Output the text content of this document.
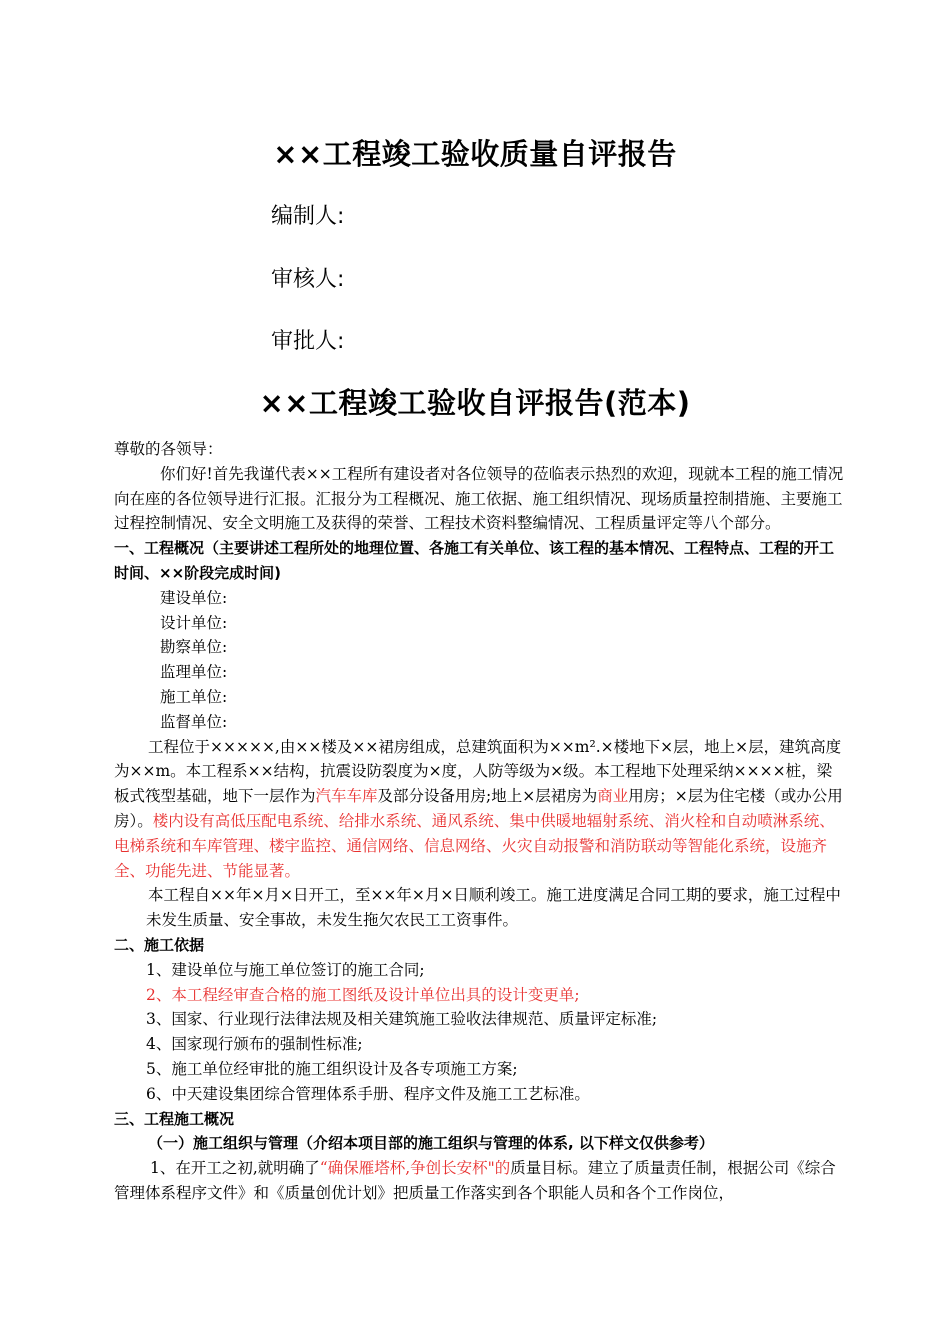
××工程竣工验收质量自评报告
编制人:
审核人:
审批人:
××工程竣工验收自评报告(范本)

尊敬的各领导：

你们好!首先我谨代表××工程所有建设者对各位领导的莅临表示热烈的欢迎，现就本工程的施工情况向在座的各位领导进行汇报。汇报分为工程概况、施工依据、施工组织情况、现场质量控制措施、主要施工过程控制情况、安全文明施工及获得的荣誉、工程技术资料整编情况、工程质量评定等八个部分。

一、工程概况（主要讲述工程所处的地理位置、各施工有关单位、该工程的基本情况、工程特点、工程的开工时间、××阶段完成时间)

建设单位:

设计单位:

勘察单位:

监理单位:

施工单位:

监督单位:

工程位于×××××,由××楼及××裙房组成，总建筑面积为××m².×楼地下×层，地上×层，建筑高度为××m。本工程系××结构，抗震设防裂度为×度，人防等级为×级。本工程地下处理采纳××××桩，梁板式筏型基础，地下一层作为汽车车库及部分设备用房;地上×层裙房为商业用房；×层为住宅楼（或办公用房）。楼内设有高低压配电系统、给排水系统、通风系统、集中供暖地辐射系统、消火栓和自动喷淋系统、电梯系统和车库管理、楼宇监控、通信网络、信息网络、火灾自动报警和消防联动等智能化系统，设施齐全、功能先进、节能显著。

本工程自××年×月×日开工，至××年×月×日顺利竣工。施工进度满足合同工期的要求，施工过程中未发生质量、安全事故，未发生拖欠农民工工资事件。

二、施工依据

1、建设单位与施工单位签订的施工合同;

2、本工程经审查合格的施工图纸及设计单位出具的设计变更单;

3、国家、行业现行法律法规及相关建筑施工验收法律规范、质量评定标准;

4、国家现行颁布的强制性标准;

5、施工单位经审批的施工组织设计及各专项施工方案;

6、中天建设集团综合管理体系手册、程序文件及施工工艺标准。

三、工程施工概况

（一）施工组织与管理（介绍本项目部的施工组织与管理的体系, 以下样文仅供参考）

1、在开工之初,就明确了“确保雁塔杯,争创长安杯"的质量目标。建立了质量责任制，根据公司《综合管理体系程序文件》和《质量创优计划》把质量工作落实到各个职能人员和各个工作岗位，
